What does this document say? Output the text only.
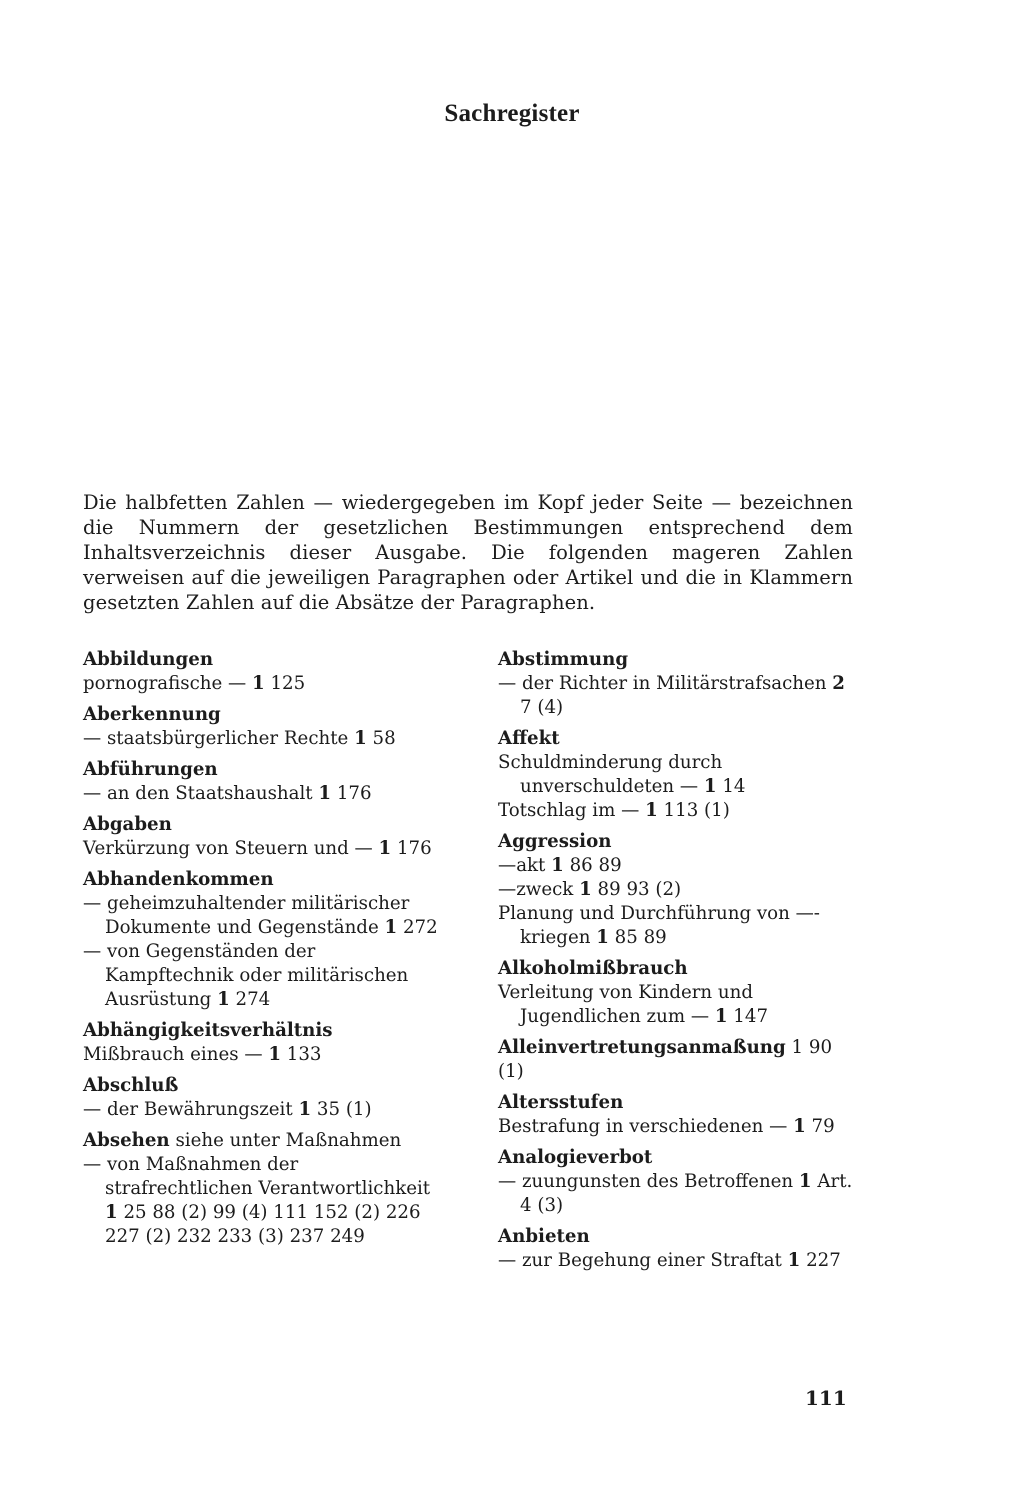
Sachregister
Die halbfetten Zahlen — wiedergegeben im Kopf jeder Seite — bezeichnen die Nummern der gesetzlichen Bestimmungen entsprechend dem Inhaltsverzeichnis dieser Ausgabe. Die folgenden mageren Zahlen verweisen auf die jeweiligen Paragraphen oder Artikel und die in Klammern gesetzten Zahlen auf die Absätze der Paragraphen.
Abbildungen
pornografische — 1 125
Aberkennung
— staatsbürgerlicher Rechte 1 58
Abführungen
— an den Staatshaushalt 1 176
Abgaben
Verkürzung von Steuern und — 1 176
Abhandenkommen
— geheimzuhaltender militärischer Dokumente und Gegenstände 1 272
— von Gegenständen der Kampftechnik oder militärischen Ausrüstung 1 274
Abhängigkeitsverhältnis
Mißbrauch eines — 1 133
Abschluß
— der Bewährungszeit 1 35 (1)
Absehen siehe unter Maßnahmen
— von Maßnahmen der strafrechtlichen Verantwortlichkeit 1 25 88 (2) 99 (4) 111 152 (2) 226 227 (2) 232 233 (3) 237 249
Abstimmung
— der Richter in Militärstrafsachen 2 7 (4)
Affekt
Schuldminderung durch unverschuldeten — 1 14
Totschlag im — 1 113 (1)
Aggression
—akt 1 86 89
—zweck 1 89 93 (2)
Planung und Durchführung von —-kriegen 1 85 89
Alkoholmißbrauch
Verleitung von Kindern und Jugendlichen zum — 1 147
Alleinvertretungsanmaßung 1 90 (1)
Altersstufen
Bestrafung in verschiedenen — 1 79
Analogieverbot
— zuungunsten des Betroffenen 1 Art. 4 (3)
Anbieten
— zur Begehung einer Straftat 1 227
111
